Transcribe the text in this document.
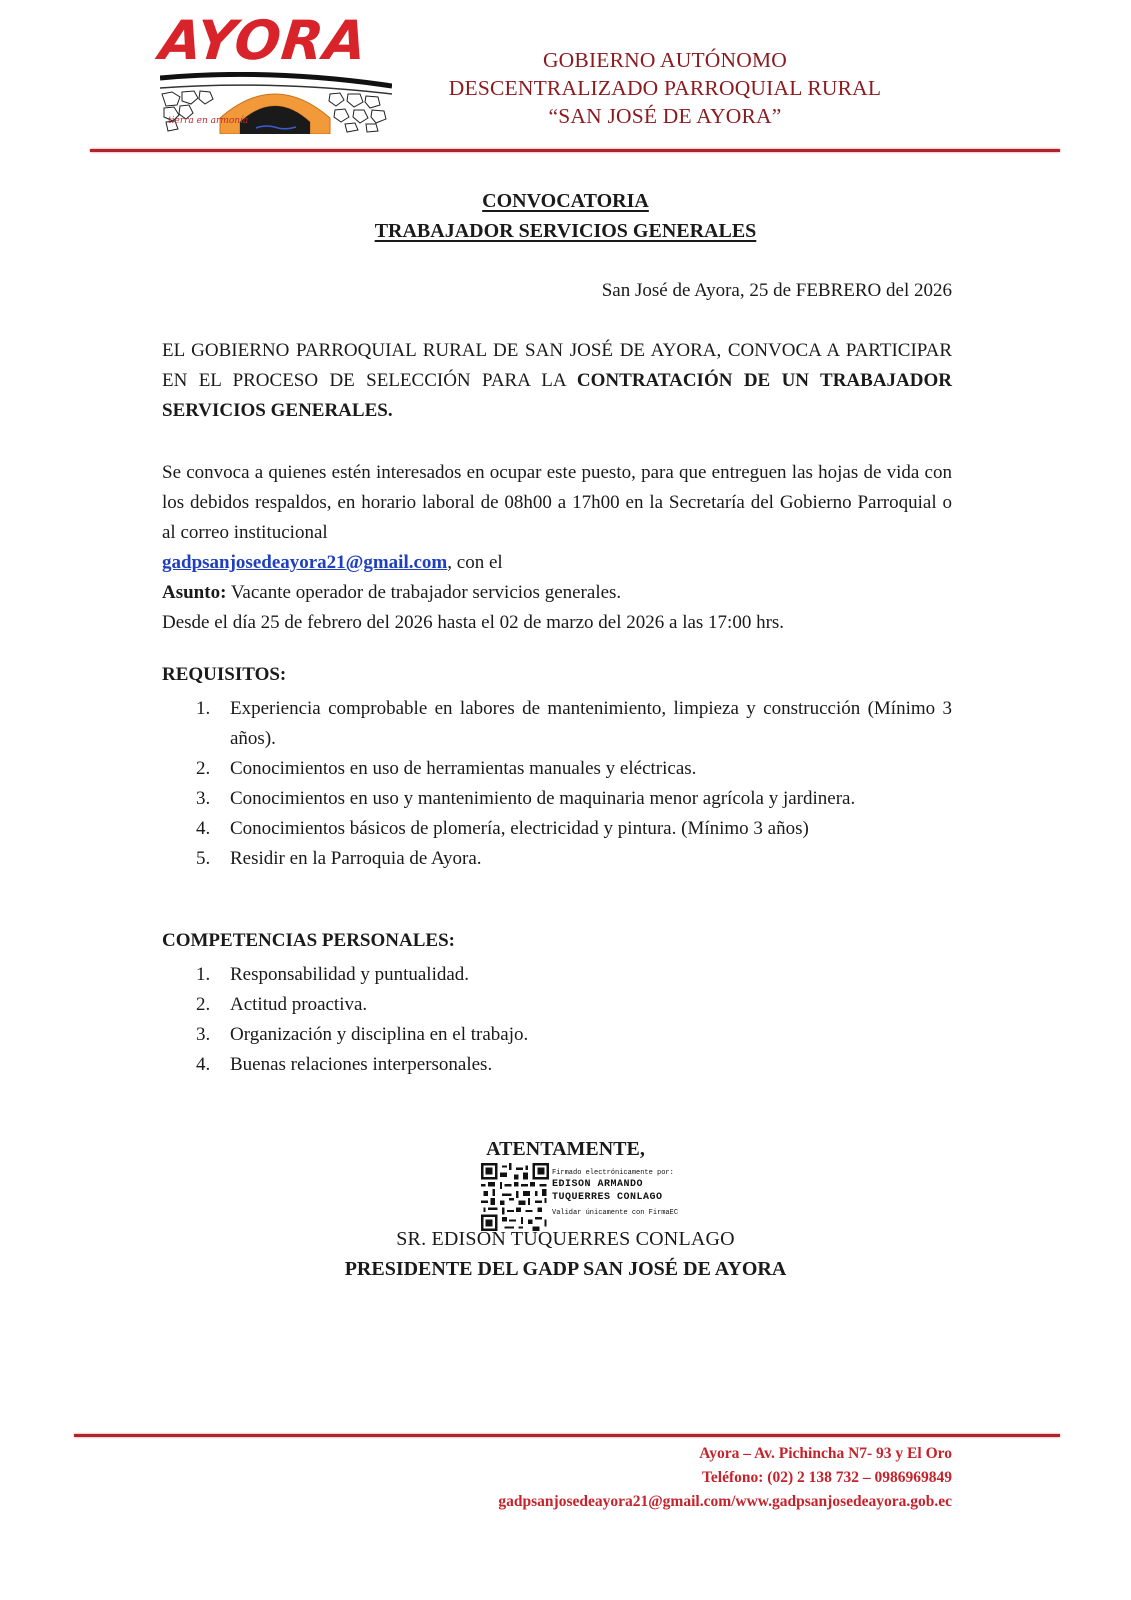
AYORA
tierra en armonía
GOBIERNO AUTÓNOMO
DESCENTRALIZADO PARROQUIAL RURAL
“SAN JOSÉ DE AYORA”
CONVOCATORIA
TRABAJADOR SERVICIOS GENERALES
San José de Ayora, 25 de FEBRERO del 2026
EL GOBIERNO PARROQUIAL RURAL DE SAN JOSÉ DE AYORA, CONVOCA A PARTICIPAR EN EL PROCESO DE SELECCIÓN PARA LA CONTRATACIÓN DE UN TRABAJADOR SERVICIOS GENERALES.
Se convoca a quienes estén interesados en ocupar este puesto, para que entreguen las hojas de vida con los debidos respaldos, en horario laboral de 08h00 a 17h00 en la Secretaría del Gobierno Parroquial o al correo institucional
gadpsanjosedeayora21@gmail.com, con el
Asunto: Vacante operador de trabajador servicios generales.
Desde el día 25 de febrero del 2026 hasta el 02 de marzo del 2026 a las 17:00 hrs.
REQUISITOS:
1. Experiencia comprobable en labores de mantenimiento, limpieza y construcción (Mínimo 3 años).
2. Conocimientos en uso de herramientas manuales y eléctricas.
3. Conocimientos en uso y mantenimiento de maquinaria menor agrícola y jardinera.
4. Conocimientos básicos de plomería, electricidad y pintura. (Mínimo 3 años)
5. Residir en la Parroquia de Ayora.
COMPETENCIAS PERSONALES:
1. Responsabilidad y puntualidad.
2. Actitud proactiva.
3. Organización y disciplina en el trabajo.
4. Buenas relaciones interpersonales.
ATENTAMENTE,
Firmado electrónicamente por:
EDISON ARMANDO
TUQUERRES CONLAGO
Validar únicamente con FirmaEC
SR. EDISON TUQUERRES CONLAGO
PRESIDENTE DEL GADP SAN JOSÉ DE AYORA
Ayora – Av. Pichincha N7- 93 y El Oro
Teléfono: (02) 2 138 732 – 0986969849
gadpsanjosedeayora21@gmail.com/www.gadpsanjosedeayora.gob.ec
